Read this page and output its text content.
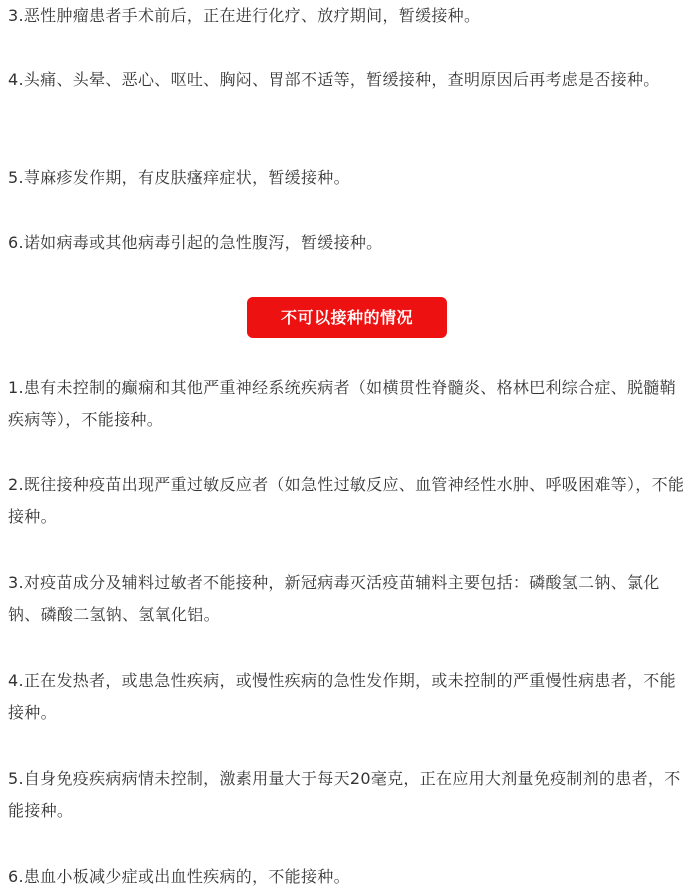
3.恶性肿瘤患者手术前后，正在进行化疗、放疗期间，暂缓接种。

4.头痛、头晕、恶心、呕吐、胸闷、胃部不适等，暂缓接种，查明原因后再考虑是否接种。

5.荨麻疹发作期，有皮肤瘙痒症状，暂缓接种。

6.诺如病毒或其他病毒引起的急性腹泻，暂缓接种。

不可以接种的情况

1.患有未控制的癫痫和其他严重神经系统疾病者（如横贯性脊髓炎、格林巴利综合症、脱髓鞘疾病等），不能接种。

2.既往接种疫苗出现严重过敏反应者（如急性过敏反应、血管神经性水肿、呼吸困难等），不能接种。

3.对疫苗成分及辅料过敏者不能接种，新冠病毒灭活疫苗辅料主要包括：磷酸氢二钠、氯化钠、磷酸二氢钠、氢氧化铝。

4.正在发热者，或患急性疾病，或慢性疾病的急性发作期，或未控制的严重慢性病患者，不能接种。

5.自身免疫疾病病情未控制，激素用量大于每天20毫克，正在应用大剂量免疫制剂的患者，不能接种。

6.患血小板减少症或出血性疾病的，不能接种。
